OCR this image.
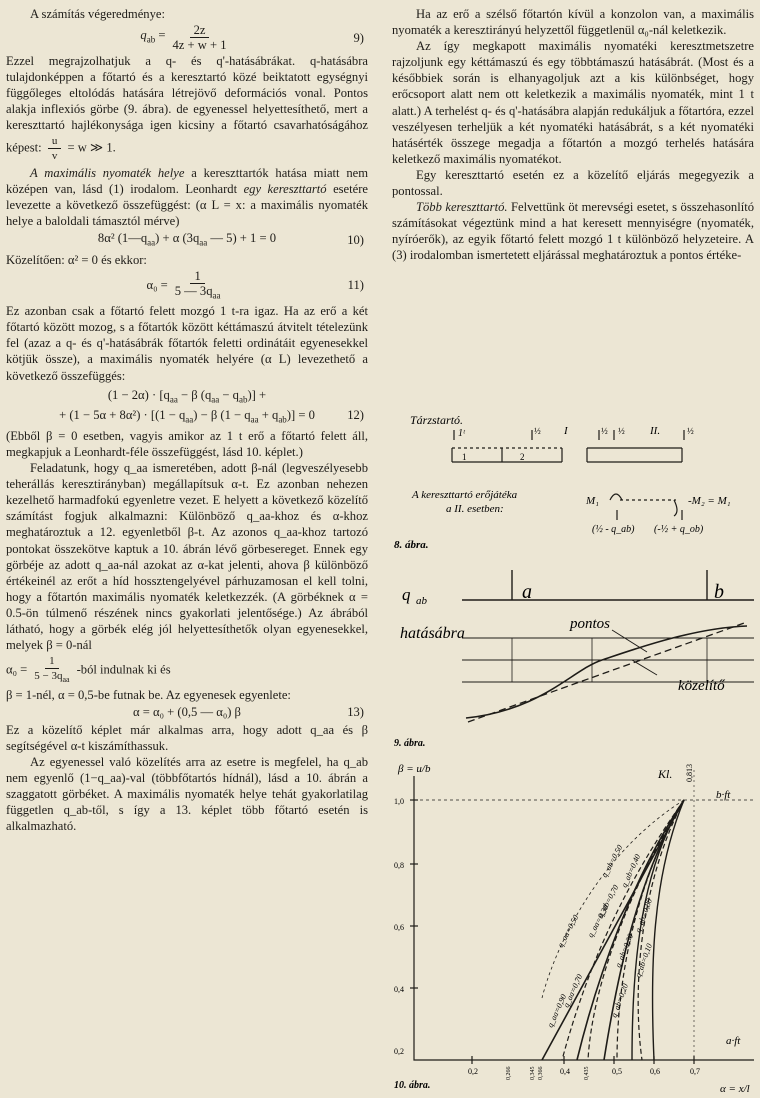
A számítás végeredménye:

$q_{ab} = \frac{2z}{4z + w + 1}$	9)

Ezzel megrajzolhatjuk a q- és q'-hatásábrákat. q-hatásábra tulajdonképpen a főtartó és a keresztartó közé beiktatott egységnyi függőleges eltolódás hatására létrejövő deformációs vonal. Pontos alakja inflexiós görbe (9. ábra). de egyenessel helyettesíthető, mert a kereszttartó hajlékonysága igen kicsiny a főtartó csavarhatóságához képest: $\frac{u}{v} = w$ ≫ 1.

A maximális nyomaték helye a kereszttartók hatása miatt nem középen van, lásd (1) irodalom. Leonhardt egy kereszttartó esetére levezette a következő összefüggést: (α L = x: a maximális nyomaték helye a baloldali támasztól mérve)

8α² $(1—q_{aa}) + \alpha$ ($3q_{aa}$ — 5) + 1 = 0	10)

Közelítően: α² = 0 és ekkor:

$\alpha_0 = \frac{1}{5 — 3q_{aa}}$	11)

Ez azonban csak a főtartó felett mozgó 1 t-ra igaz. Ha az erő a két főtartó között mozog, s a főtartók között kéttámaszú átvitelt tételezünk fel (azaz a q- és q'-hatásábrák főtartók feletti ordinátáit egyenesekkel kötjük össze), a maximális nyomaték helyére (α L) levezethető a következő összefüggés:

$(1 - 2\alpha) \cdot [q_{aa} - \beta$ $(q_{aa} - q_{ab})$] +
+ $(1 - 5\alpha + 8\alpha^2) \cdot [(1 - q_{aa}) - \beta$ $(1 - q_{aa} + q_{ab})] = 0$	12)

(Ebből β = 0 esetben, vagyis amikor az 1 t erő a főtartó felett áll, megkapjuk a Leonhardt-féle összefüggést, lásd 10. képlet.)

Feladatunk, hogy q_aa ismeretében, adott β-nál (legveszélyesebb teherállás keresztirányban) megállapítsuk α-t. Ez azonban nehezen kezelhető harmadfokú egyenletre vezet. E helyett a következő közelítő számítást fogjuk alkalmazni: Különböző q_aa-khoz és α-khoz meghatároztuk a 12. egyenletből β-t. Az azonos q_aa-khoz tartozó pontokat összekötve kaptuk a 10. ábrán lévő görbesereget. Ennek egy görbéje az adott q_aa-nál azokat az α-kat jelenti, ahova β különböző értékeinél az erőt a híd hossztengelyével párhuzamosan el kell tolni, hogy a főtartón maximális nyomaték keletkezzék. (A görbéknek α = 0.5-ön túlmenő részének nincs gyakorlati jelentősége.) Az ábrából látható, hogy a görbék elég jól helyettesíthetők olyan egyenesekkel, melyek β = 0-nál

$\alpha_0 = \frac{1}{5 - 3q_{aa}}$ -ból indulnak ki és

β = 1-nél, α = 0,5-be futnak be. Az egyenesek egyenlete:

α = α₀ + (0,5 — α₀) β	13)

Ez a közelítő képlet már alkalmas arra, hogy adott q_aa és β segítségével α-t kiszámíthassuk.

Az egyenessel való közelítés arra az esetre is megfelel, ha q_ab nem egyenlő (1−q_aa)-val (többfőtartós hídnál), lásd a 10. ábrán a szaggatott görbéket. A maximális nyomaték helye tehát gyakorlatilag független q_ab-től, s így a 13. képlet több főtartó esetén is alkalmazható.

Ha az erő a szélső főtartón kívül a konzolon van, a maximális nyomaték a keresztirányú helyzettől függetlenül α₀-nál keletkezik.

Az így megkapott maximális nyomatéki keresztmetszetre rajzoljunk egy kéttámaszú és egy többtámaszú hatásábrát. (Most és a későbbiek során is elhanyagoljuk azt a kis különbséget, hogy erőcsoport alatt nem ott keletkezik a maximális nyomaték, mint 1 t alatt.) A terhelést q- és q'-hatásábra alapján redukáljuk a főtartóra, ezzel veszélyesen terheljük a két nyomatéki hatásábrát, s a két nyomatéki hatásérték összege megadja a főtartón a mozgó terhelés hatására keletkező maximális nyomatékot.

Egy kereszttartó esetén ez a közelítő eljárás megegyezik a pontossal.

Több kereszttartó. Felvettünk öt merevségi esetet, s összehasonlító számításokat végeztünk mind a hat keresett mennyiségre (nyomaték, nyíróerők), az egyik főtartó felett mozgó 1 t különböző helyzeteire. A (3) irodalomban ismertetett eljárással meghatároztuk a pontos értéke-

Tárzstartó.
1ᵗ
1	2
½ I	½ ½ II.	½
A kereszttartó erőjátéka
a II. esetben:
M₁	-M₂ = M₁
(½ - q_ab) (-½ + q_ob)
8. ábra.
q ab
hatásábra
a	b
pontos
közelítő
9. ábra.
β = u/b	Kl.
b·ft
a·ft
α = x/l
0,813
1,0
0,8
0,6
0,4
0,2
0,2	0,4	0,5	0,6	0,7
0,266	0,345 0,366	0,435
q_aa=0,90
q_aa=0,70
q_aa=0,50 q_aa=0,30
q_ab=0,70
q_ab=0,50
q_ab=0,20
q_ab=0,30
q_ab=0,40
q_ab=0,10
q_ab=0,80
10. ábra.
